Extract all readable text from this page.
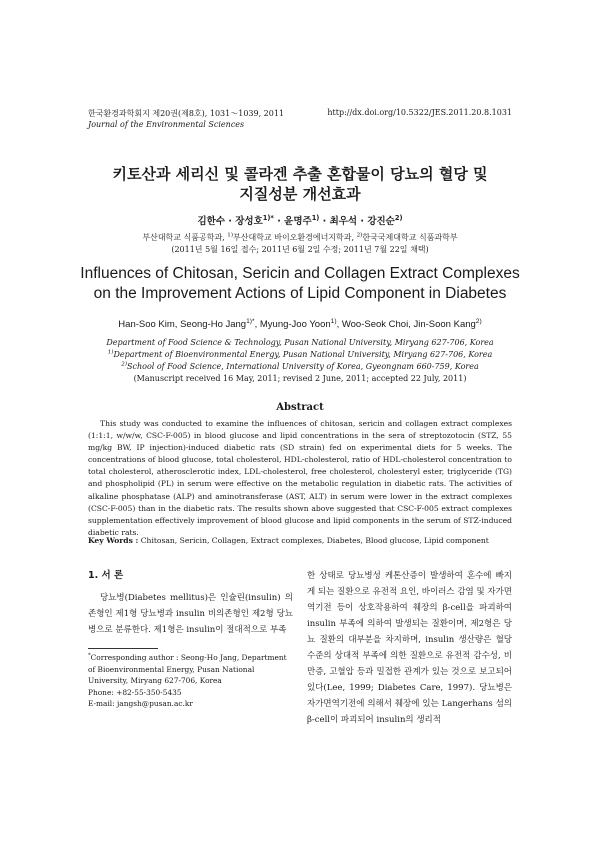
한국환경과학회지 제20권(제8호), 1031～1039, 2011
Journal of the Environmental Sciences
http://dx.doi.org/10.5322/JES.2011.20.8.1031
키토산과 세리신 및 콜라겐 추출 혼합물이 당뇨의 혈당 및
지질성분 개선효과
김한수 · 장성호$^{1)*}$ · 윤명주$^{1)}$ · 최우석 · 강진순$^{2)}$
부산대학교 식품공학과, $^{1)}$부산대학교 바이오환경에너지학과, $^{2)}$한국국제대학교 식품과학부
(2011년 5월 16일 접수; 2011년 6월 2일 수정; 2011년 7월 22일 채택)
Influences of Chitosan, Sericin and Collagen Extract Complexes
on the Improvement Actions of Lipid Component in Diabetes
Han-Soo Kim, Seong-Ho Jang$^{1)*}$, Myung-Joo Yoon$^{1)}$, Woo-Seok Choi, Jin-Soon Kang$^{2)}$
Department of Food Science & Technology, Pusan National University, Miryang 627-706, Korea
$^{1)}$Department of Bioenvironmental Energy, Pusan National University, Miryang 627-706, Korea
$^{2)}$School of Food Science, International University of Korea, Gyeongnam 660-759, Korea
(Manuscript received 16 May, 2011; revised 2 June, 2011; accepted 22 July, 2011)
Abstract
This study was conducted to examine the influences of chitosan, sericin and collagen extract complexes (1:1:1, w/w/w, CSC-F-005) in blood glucose and lipid concentrations in the sera of streptozotocin (STZ, 55 mg/kg BW, IP injection)-induced diabetic rats (SD strain) fed on experimental diets for 5 weeks. The concentrations of blood glucose, total cholesterol, HDL-cholesterol, ratio of HDL-cholesterol concentration to total cholesterol, atherosclerotic index, LDL-cholesterol, free cholesterol, cholesteryl ester, triglyceride (TG) and phospholipid (PL) in serum were effective on the metabolic regulation in diabetic rats. The activities of alkaline phosphatase (ALP) and aminotransferase (AST, ALT) in serum were lower in the extract complexes (CSC-F-005) than in the diabetic rats. The results shown above suggested that CSC-F-005 extract complexes supplementation effectively improvement of blood glucose and lipid components in the serum of STZ-induced diabetic rats.
Key Words : Chitosan, Sericin, Collagen, Extract complexes, Diabetes, Blood glucose, Lipid component
1. 서 론
당뇨병(Diabetes mellitus)은 인슐린(insulin) 의존형인 제1형 당뇨병과 insulin 비의존형인 제2형 당뇨병으로 분류한다. 제1형은 insulin이 절대적으로 부족
*Corresponding author : Seong-Ho Jang, Department of Bioenvironmental Energy, Pusan National University, Miryang 627-706, Korea
Phone: +82-55-350-5435
E-mail: jangsh@pusan.ac.kr
한 상태로 당뇨병성 케톤산증이 발생하여 혼수에 빠지게 되는 질환으로 유전적 요인, 바이러스 감염 및 자가면역기전 등이 상호작용하여 췌장의 β-cell을 파괴하여 insulin 부족에 의하여 발생되는 질환이며, 제2형은 당뇨 질환의 대부분을 차지하며, insulin 생산량은 혈당 수준의 상대적 부족에 의한 질환으로 유전적 감수성, 비만증, 고혈압 등과 밀접한 관계가 있는 것으로 보고되어 있다(Lee, 1999; Diabetes Care, 1997). 당뇨병은 자가면역기전에 의해서 췌장에 있는 Langerhans 섬의 β-cell이 파괴되어 insulin의 생리적
